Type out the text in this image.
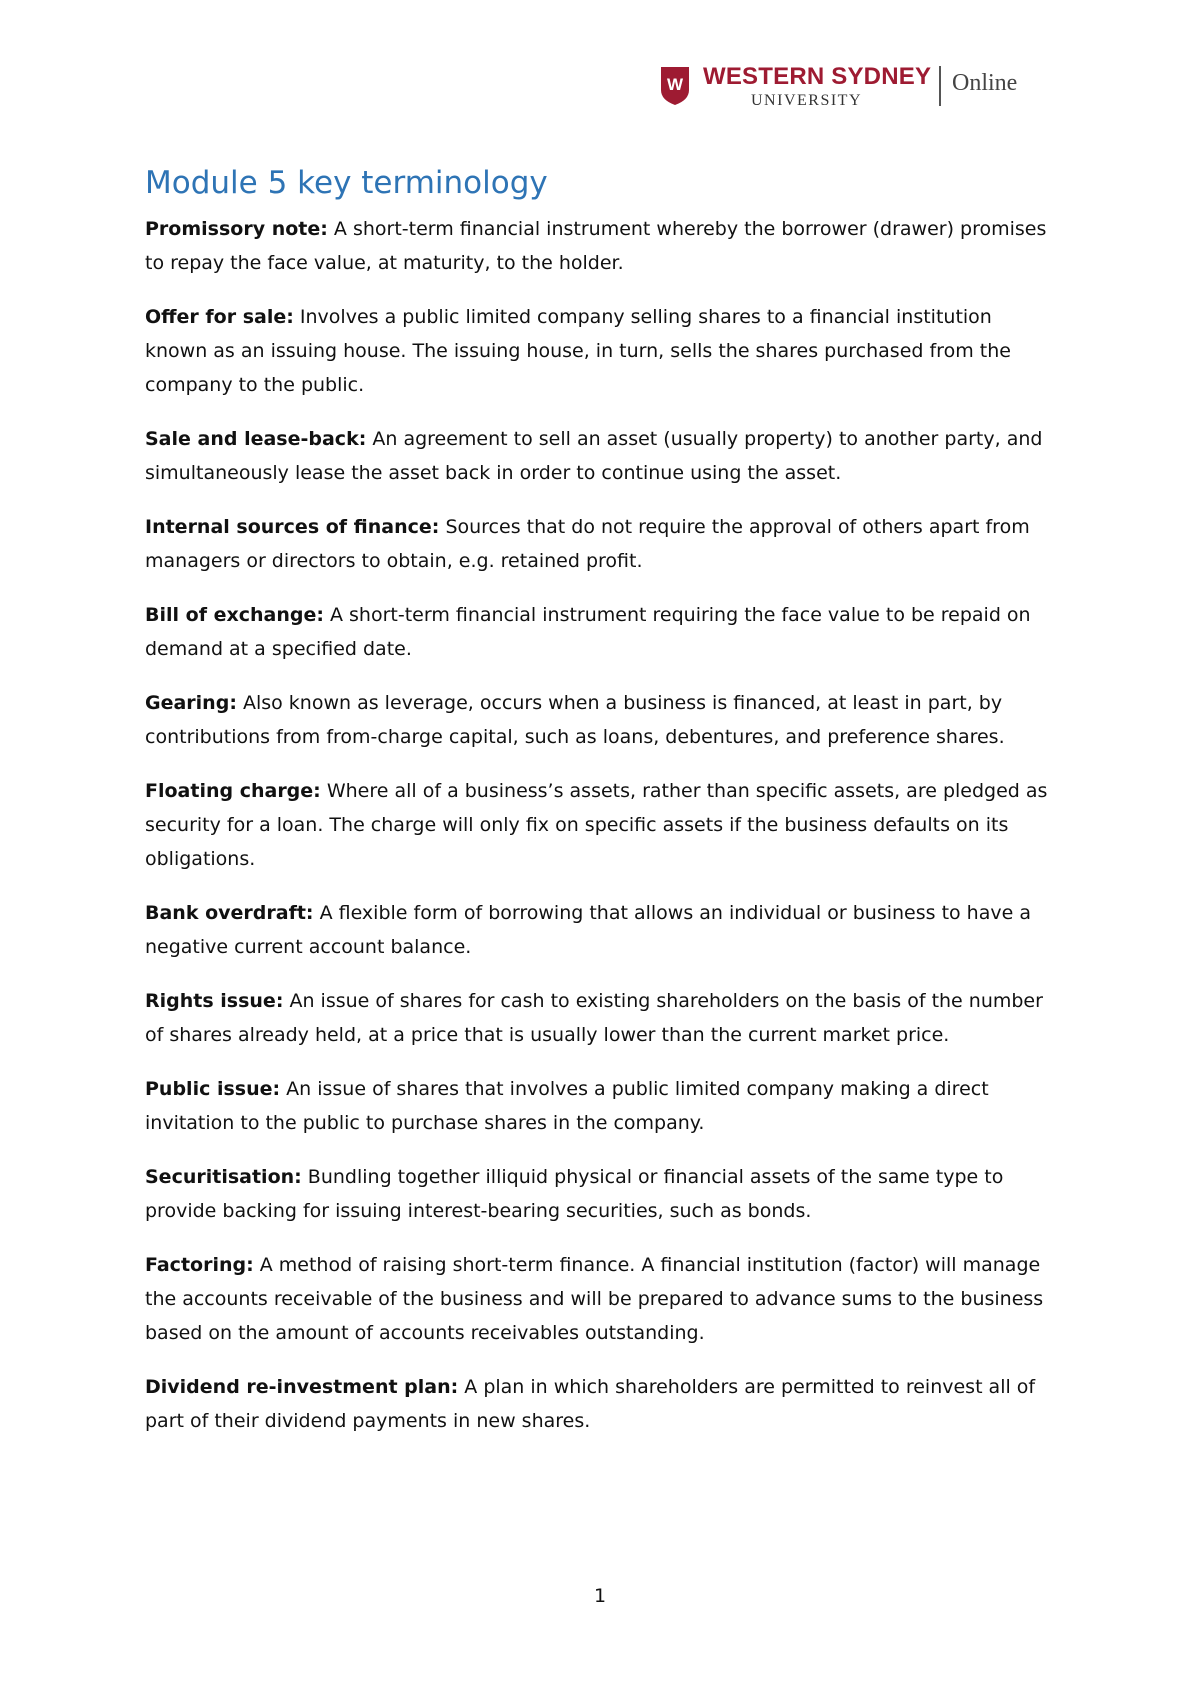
W WESTERN SYDNEY
UNIVERSITY
Online
Module 5 key terminology

Promissory note: A short-term financial instrument whereby the borrower (drawer) promises to repay the face value, at maturity, to the holder.

Offer for sale: Involves a public limited company selling shares to a financial institution known as an issuing house. The issuing house, in turn, sells the shares purchased from the company to the public.

Sale and lease-back: An agreement to sell an asset (usually property) to another party, and simultaneously lease the asset back in order to continue using the asset.

Internal sources of finance: Sources that do not require the approval of others apart from managers or directors to obtain, e.g. retained profit.

Bill of exchange: A short-term financial instrument requiring the face value to be repaid on demand at a specified date.

Gearing: Also known as leverage, occurs when a business is financed, at least in part, by contributions from from-charge capital, such as loans, debentures, and preference shares.

Floating charge: Where all of a business’s assets, rather than specific assets, are pledged as security for a loan. The charge will only fix on specific assets if the business defaults on its obligations.

Bank overdraft: A flexible form of borrowing that allows an individual or business to have a negative current account balance.

Rights issue: An issue of shares for cash to existing shareholders on the basis of the number of shares already held, at a price that is usually lower than the current market price.

Public issue: An issue of shares that involves a public limited company making a direct invitation to the public to purchase shares in the company.

Securitisation: Bundling together illiquid physical or financial assets of the same type to provide backing for issuing interest-bearing securities, such as bonds.

Factoring: A method of raising short-term finance. A financial institution (factor) will manage the accounts receivable of the business and will be prepared to advance sums to the business based on the amount of accounts receivables outstanding.

Dividend re-investment plan: A plan in which shareholders are permitted to reinvest all of part of their dividend payments in new shares.

1
